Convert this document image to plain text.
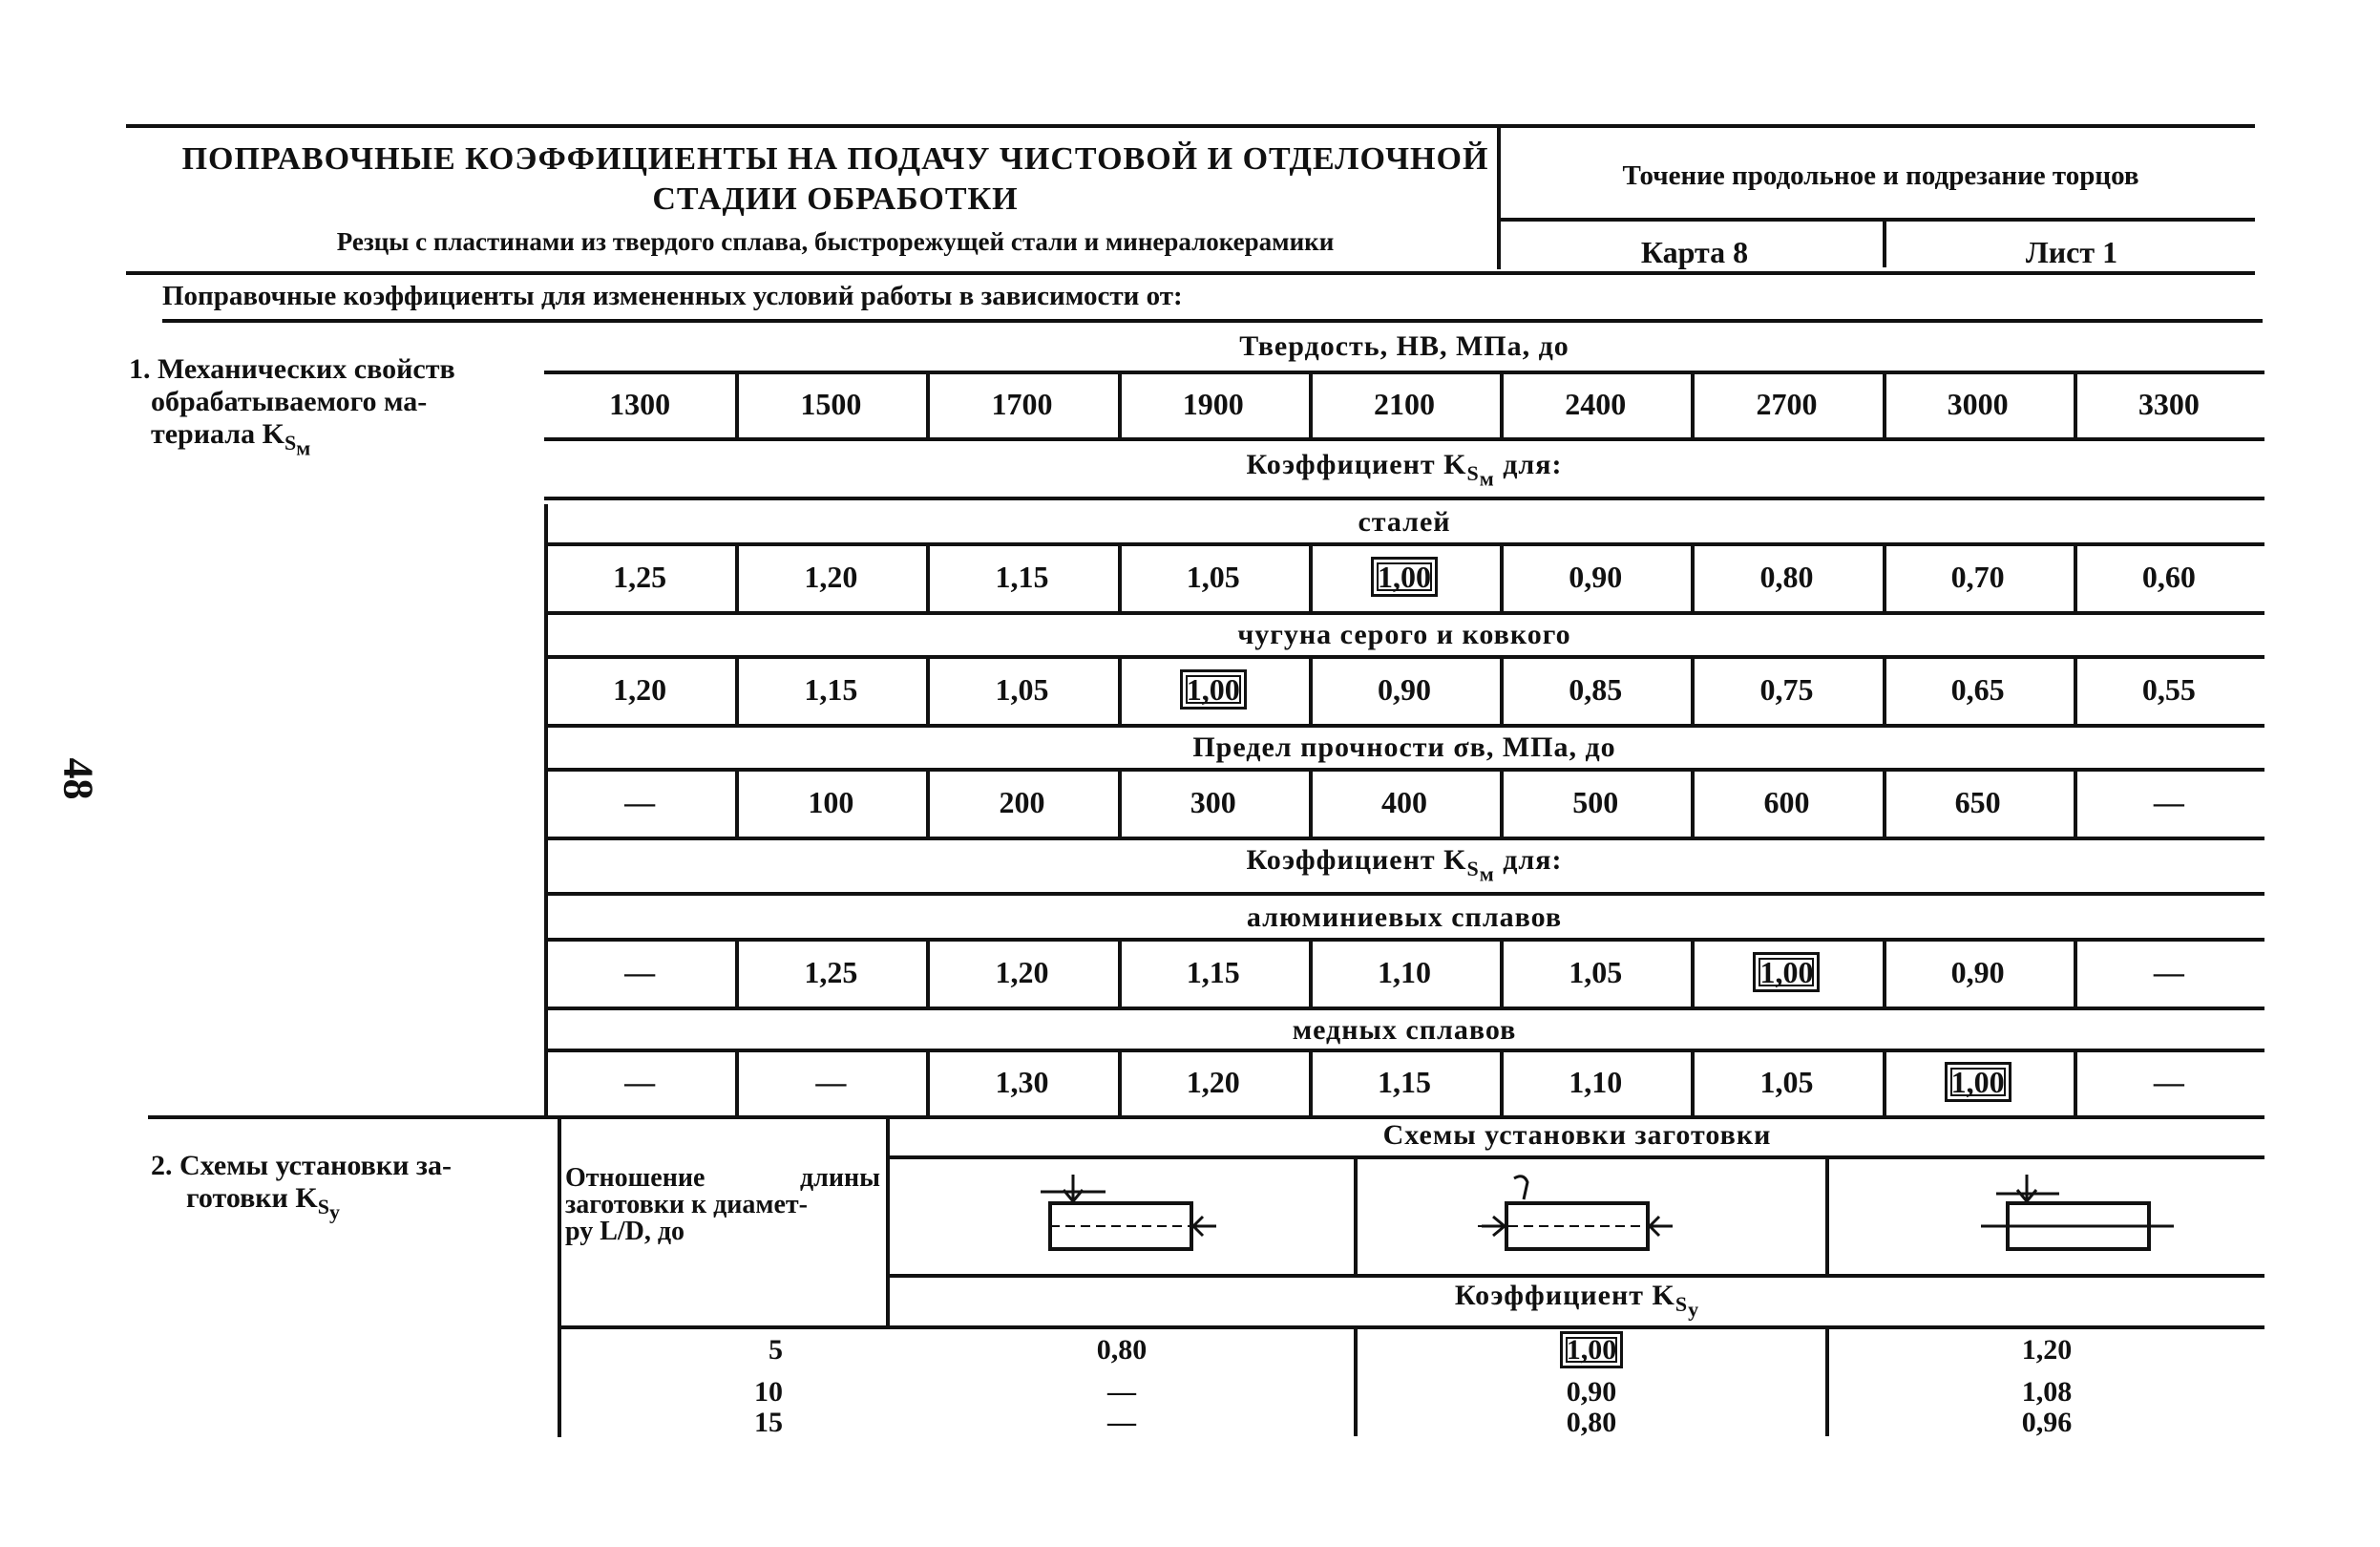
ПОПРАВОЧНЫЕ КОЭФФИЦИЕНТЫ НА ПОДАЧУ ЧИСТОВОЙ И ОТДЕЛОЧНОЙ
СТАДИИ ОБРАБОТКИ
Резцы с пластинами из твердого сплава, быстрорежущей стали и минералокерамики
Точение продольное и подрезание торцов
Карта 8	Лист 1
Поправочные коэффициенты для измененных условий работы в зависимости от:
48
1. Механических свойств
обрабатываемого ма-
териала $K_{S_м}$
Твердость, НВ, МПа, до
1300	1500	1700	1900	2100	2400	2700	3000	3300
Коэффициент $K_{S_м}$ для:
сталей
1,25	1,20	1,15	1,05	1,00	0,90	0,80	0,70	0,60
чугуна серого и ковкого
1,20	1,15	1,05	1,00	0,90	0,85	0,75	0,65	0,55
Предел прочности σв, МПа, до
—	100	200	300	400	500	600	650	—
Коэффициент $K_{S_м}$ для:
алюминиевых сплавов
—	1,25	1,20	1,15	1,10	1,05	1,00	0,90	—
медных сплавов
—	—	1,30	1,20	1,15	1,10	1,05	1,00	—
2. Схемы установки за-
готовки $K_{S_у}$
Отношение длины
заготовки к диамет-
ру L/D, до
Схемы установки заготовки
Коэффициент $K_{S_у}$
5	0,80	1,00	1,20
10	—	0,90	1,08
15	—	0,80	0,96
